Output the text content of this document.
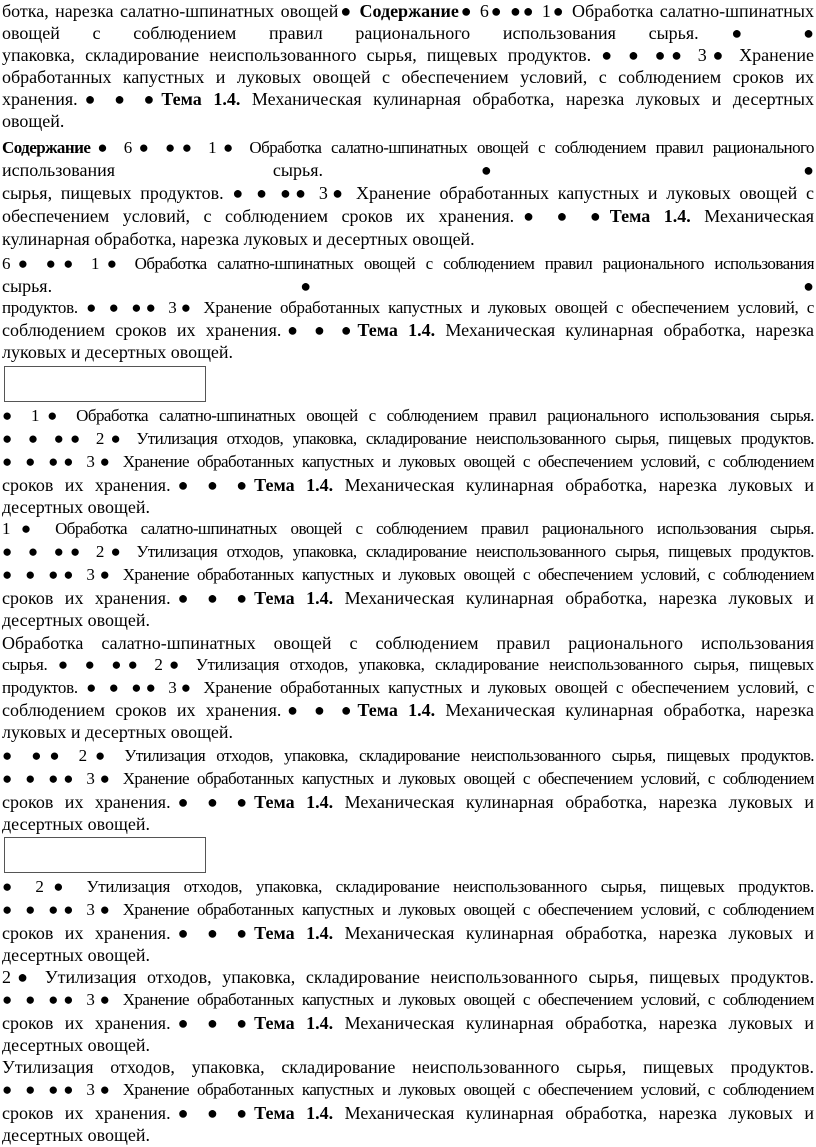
ботка, нарезка салатно-шпинатных овощей● Содержание● 6● ●● 1● Обработка салатно-шпинатных
овощей с соблюдением правил рационального использования сырья. ● ●
упаковка, складирование неиспользованного сырья, пищевых продуктов. ● ● ●● 3● Хранение
обработанных капустных и луковых овощей с обеспечением условий, с соблюдением сроков их
хранения.● ● ●Тема 1.4. Механическая кулинарная обработка, нарезка луковых и десертных
овощей.
Содержание● 6● ●● 1● Обработка салатно-шпинатных овощей с соблюдением правил рационального
использования сырья. ● ●
сырья, пищевых продуктов. ● ● ●● 3● Хранение обработанных капустных и луковых овощей с
обеспечением условий, с соблюдением сроков их хранения.● ● ●Тема 1.4. Механическая
кулинарная обработка, нарезка луковых и десертных овощей.
6● ●● 1● Обработка салатно-шпинатных овощей с соблюдением правил рационального использования
сырья. ● ●
продуктов. ● ● ●● 3● Хранение обработанных капустных и луковых овощей с обеспечением условий, с
соблюдением сроков их хранения.● ● ●Тема 1.4. Механическая кулинарная обработка, нарезка
луковых и десертных овощей.
● 1● Обработка салатно-шпинатных овощей с соблюдением правил рационального использования сырья.
● ● ●● 2● Утилизация отходов, упаковка, складирование неиспользованного сырья, пищевых продуктов.
● ● ●● 3● Хранение обработанных капустных и луковых овощей с обеспечением условий, с соблюдением
сроков их хранения.● ● ●Тема 1.4. Механическая кулинарная обработка, нарезка луковых и
десертных овощей.
1● Обработка салатно-шпинатных овощей с соблюдением правил рационального использования сырья.
● ● ●● 2● Утилизация отходов, упаковка, складирование неиспользованного сырья, пищевых продуктов.
● ● ●● 3● Хранение обработанных капустных и луковых овощей с обеспечением условий, с соблюдением
сроков их хранения.● ● ●Тема 1.4. Механическая кулинарная обработка, нарезка луковых и
десертных овощей.
Обработка салатно-шпинатных овощей с соблюдением правил рационального использования
сырья. ● ● ●● 2● Утилизация отходов, упаковка, складирование неиспользованного сырья, пищевых
продуктов. ● ● ●● 3● Хранение обработанных капустных и луковых овощей с обеспечением условий, с
соблюдением сроков их хранения.● ● ●Тема 1.4. Механическая кулинарная обработка, нарезка
луковых и десертных овощей.
● ●● 2● Утилизация отходов, упаковка, складирование неиспользованного сырья, пищевых продуктов.
● ● ●● 3● Хранение обработанных капустных и луковых овощей с обеспечением условий, с соблюдением
сроков их хранения.● ● ●Тема 1.4. Механическая кулинарная обработка, нарезка луковых и
десертных овощей.
● 2● Утилизация отходов, упаковка, складирование неиспользованного сырья, пищевых продуктов.
● ● ●● 3● Хранение обработанных капустных и луковых овощей с обеспечением условий, с соблюдением
сроков их хранения.● ● ●Тема 1.4. Механическая кулинарная обработка, нарезка луковых и
десертных овощей.
2● Утилизация отходов, упаковка, складирование неиспользованного сырья, пищевых продуктов.
● ● ●● 3● Хранение обработанных капустных и луковых овощей с обеспечением условий, с соблюдением
сроков их хранения.● ● ●Тема 1.4. Механическая кулинарная обработка, нарезка луковых и
десертных овощей.
Утилизация отходов, упаковка, складирование неиспользованного сырья, пищевых продуктов.
● ● ●● 3● Хранение обработанных капустных и луковых овощей с обеспечением условий, с соблюдением
сроков их хранения.● ● ●Тема 1.4. Механическая кулинарная обработка, нарезка луковых и
десертных овощей.
